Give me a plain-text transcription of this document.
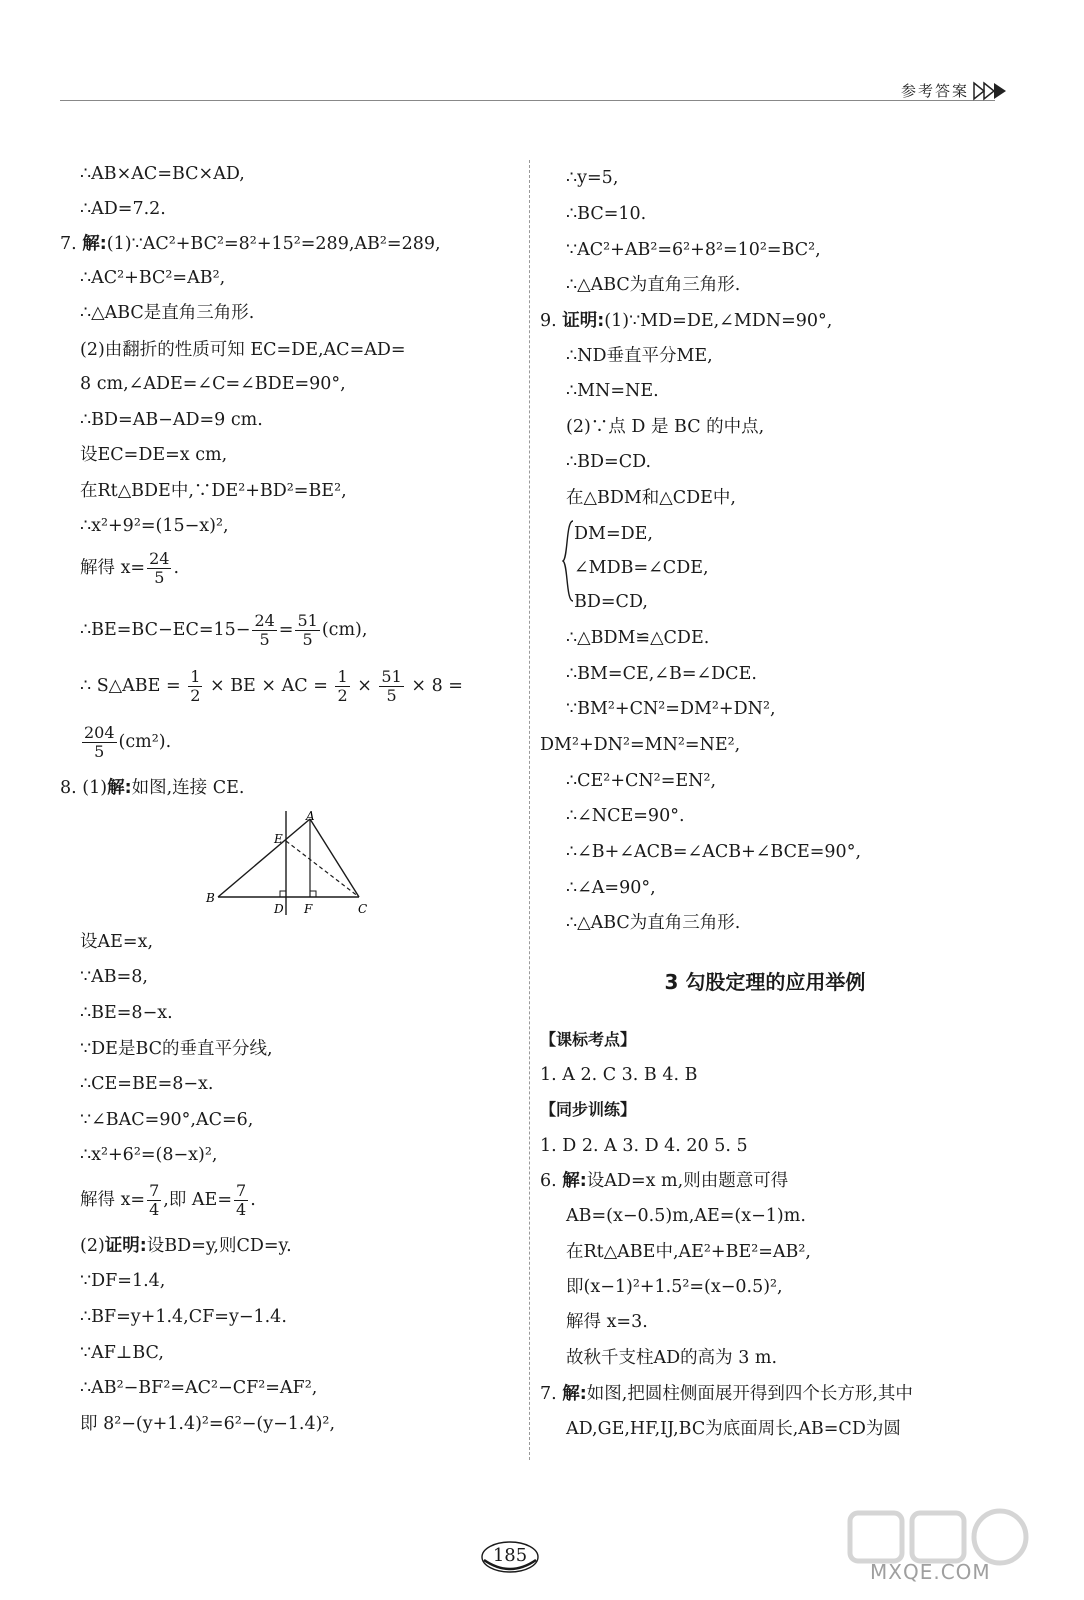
参考答案
∴AB×AC=BC×AD,
∴AD=7.2.
7. 解:(1)∵AC²+BC²=8²+15²=289,AB²=289,
∴AC²+BC²=AB²,
∴△ABC是直角三角形.
(2)由翻折的性质可知 EC=DE,AC=AD=
8 cm,∠ADE=∠C=∠BDE=90°,
∴BD=AB−AD=9 cm.
设EC=DE=x cm,
在Rt△BDE中,∵DE²+BD²=BE²,
∴x²+9²=(15−x)²,
解得 $x= \frac{24}{5}$ .
∴BE=BC−EC=15− $\frac{24}{5} = \frac{51}{5} (cm)$,
∴ S△ABE = $\frac{1}{2}$ × BE × AC = $\frac{1}{2} \times \frac{51}{5} \times 8$ =
$\frac{204}{5} (cm^2)$.
8. (1)解:如图,连接 CE.
A
E
B
D F	C
设AE=x,
∵AB=8,
∴BE=8−x.
∵DE是BC的垂直平分线,
∴CE=BE=8−x.
∵∠BAC=90°,AC=6,
∴x²+6²=(8−x)²,
解得 $x= \frac{7}{4}$ ,即 $AE= \frac{7}{4}$ .
(2)证明:设BD=y,则CD=y.
∵DF=1.4,
∴BF=y+1.4,CF=y−1.4.
∵AF⊥BC,
∴AB²−BF²=AC²−CF²=AF²,
即 8²−(y+1.4)²=6²−(y−1.4)²,
∴y=5,
∴BC=10.
∵AC²+AB²=6²+8²=10²=BC²,
∴△ABC为直角三角形.
9. 证明:(1)∵MD=DE,∠MDN=90°,
∴ND垂直平分ME,
∴MN=NE.
(2)∵点 D 是 BC 的中点,
∴BD=CD.
在△BDM和△CDE中,
DM=DE,
∠MDB=∠CDE,
BD=CD,
∴△BDM≌△CDE.
∴BM=CE,∠B=∠DCE.
∵BM²+CN²=DM²+DN²,
DM²+DN²=MN²=NE²,
∴CE²+CN²=EN²,
∴∠NCE=90°.
∴∠B+∠ACB=∠ACB+∠BCE=90°,
∴∠A=90°,
∴△ABC为直角三角形.
3 勾股定理的应用举例
【课标考点】
1. A 2. C 3. B 4. B
【同步训练】
1. D 2. A 3. D 4. 20 5. 5
6. 解:设AD=x m,则由题意可得
AB=(x−0.5)m,AE=(x−1)m.
在Rt△ABE中,AE²+BE²=AB²,
即(x−1)²+1.5²=(x−0.5)²,
解得 x=3.
故秋千支柱AD的高为 3 m.
7. 解:如图,把圆柱侧面展开得到四个长方形,其中
AD,GE,HF,IJ,BC为底面周长,AB=CD为圆
185
MXQE.COM
